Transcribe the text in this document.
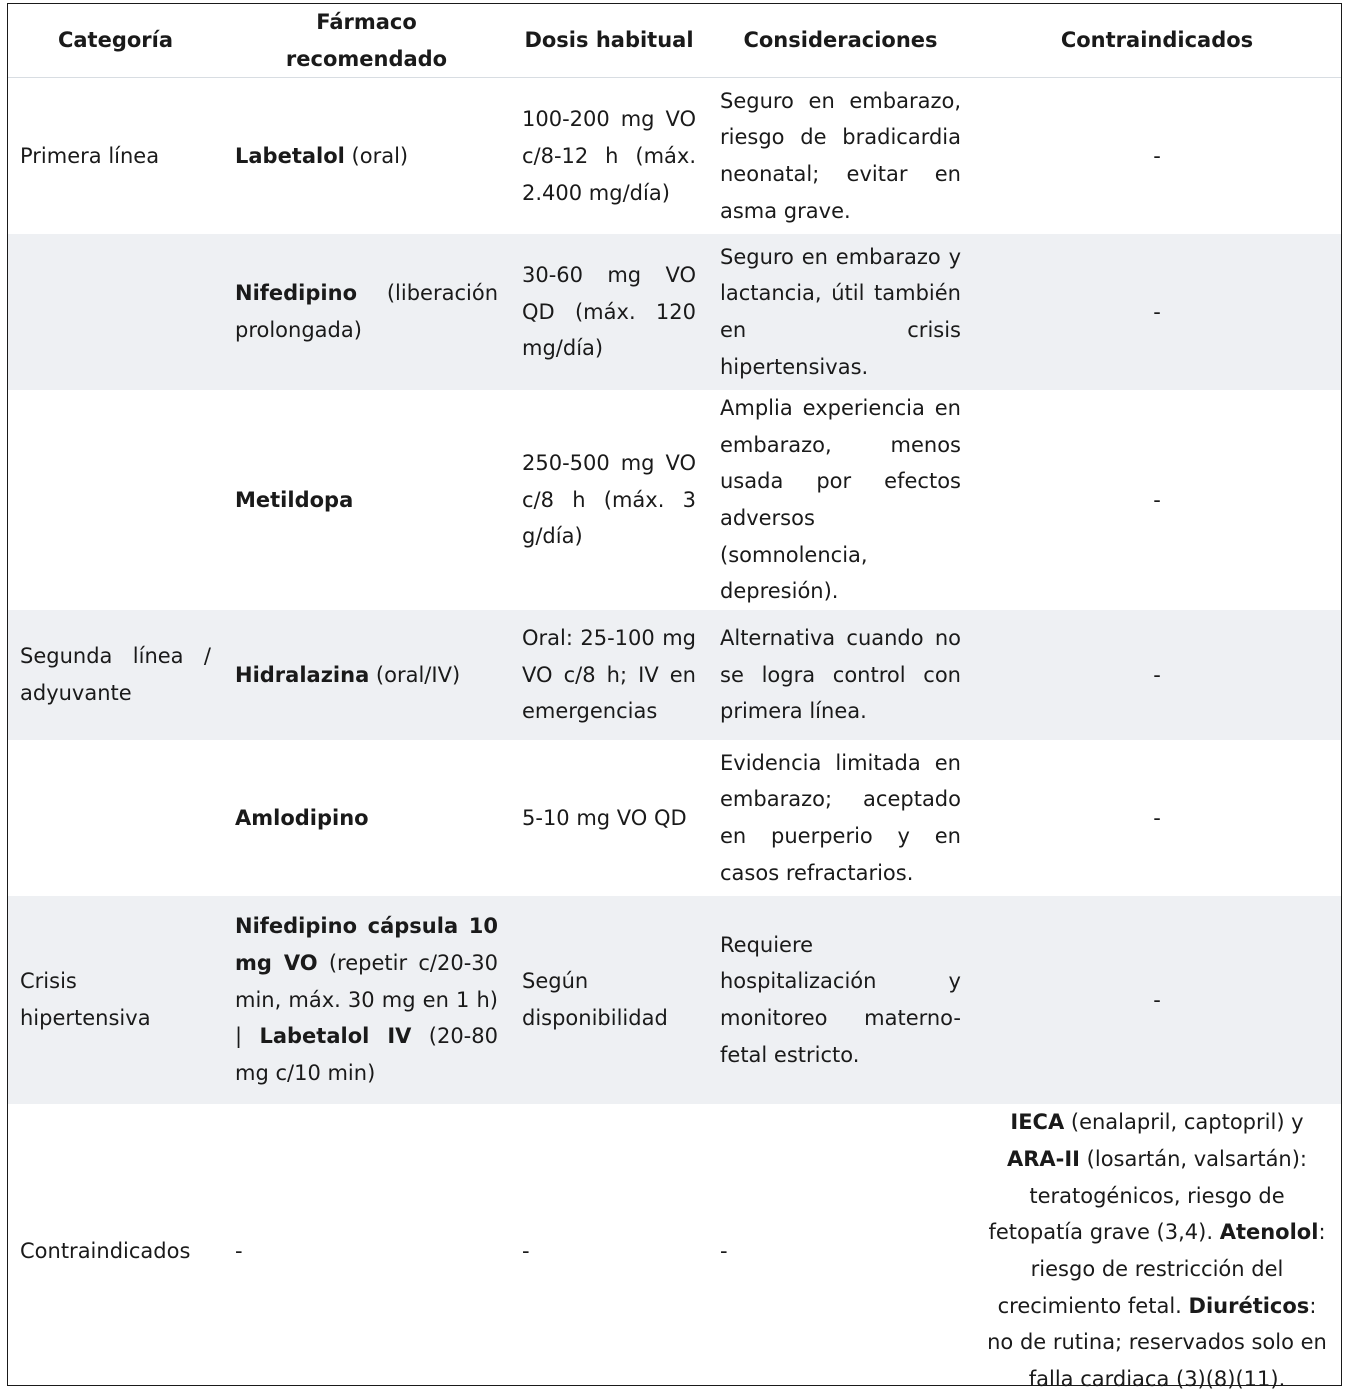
Categoría	Fármaco recomendado	Dosis habitual	Consideraciones	Contraindicados
Primera línea	Labetalol (oral)	100-200 mg VO c/8-12 h (máx. 2.400 mg/día)	Seguro en embarazo, riesgo de bradicardia neonatal; evitar en asma grave.	-
	Nifedipino (liberación prolongada)	30-60 mg VO QD (máx. 120 mg/día)	Seguro en embarazo y lactancia, útil también en crisis hipertensivas.	-
	Metildopa	250-500 mg VO c/8 h (máx. 3 g/día)	Amplia experiencia en embarazo, menos usada por efectos adversos (somnolencia, depresión).	-
Segunda línea / adyuvante	Hidralazina (oral/IV)	Oral: 25-100 mg VO c/8 h; IV en emergencias	Alternativa cuando no se logra control con primera línea.	-
	Amlodipino	5-10 mg VO QD	Evidencia limitada en embarazo; aceptado en puerperio y en casos refractarios.	-
Crisis hipertensiva	Nifedipino cápsula 10 mg VO (repetir c/20-30 min, máx. 30 mg en 1 h) | Labetalol IV (20-80 mg c/10 min)	Según disponibilidad	Requiere hospitalización y monitoreo materno-fetal estricto.	-
Contraindicados	-	-	-	IECA (enalapril, captopril) y ARA-II (losartán, valsartán): teratogénicos, riesgo de fetopatía grave (3,4). Atenolol: riesgo de restricción del crecimiento fetal. Diuréticos: no de rutina; reservados solo en falla cardiaca (3)(8)(11).
